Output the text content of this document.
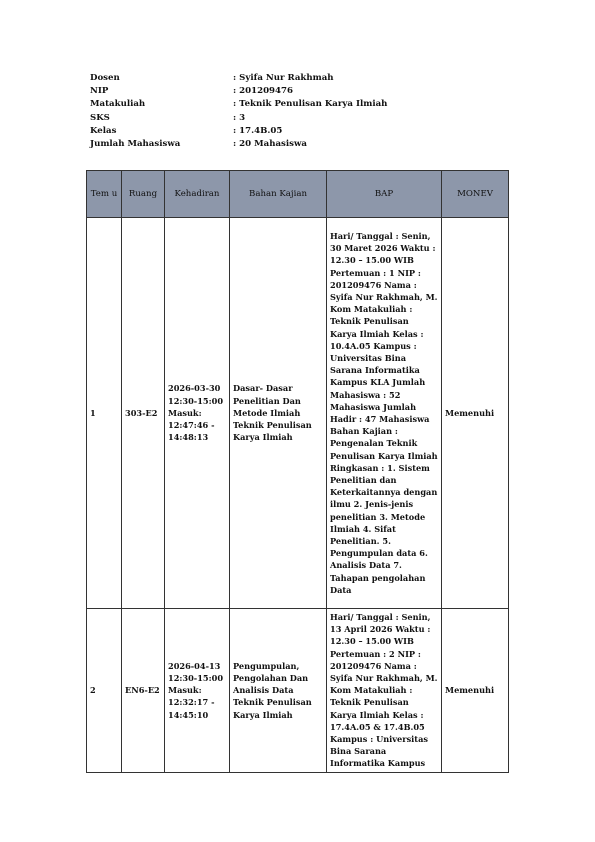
Dosen	: Syifa Nur Rakhmah
NIP	: 201209476
Matakuliah	: Teknik Penulisan Karya Ilmiah
SKS	: 3
Kelas	: 17.4B.05
Jumlah Mahasiswa	: 20 Mahasiswa
Tem u	Ruang	Kehadiran	Bahan Kajian	BAP	MONEV
1	303-E2	2026-03-30 12:30-15:00 Masuk: 12:47:46 - 14:48:13	Dasar- Dasar Penelitian Dan Metode Ilmiah Teknik Penulisan Karya Ilmiah	Hari/ Tanggal : Senin, 30 Maret 2026 Waktu : 12.30 – 15.00 WIB Pertemuan : 1 NIP : 201209476 Nama : Syifa Nur Rakhmah, M. Kom Matakuliah : Teknik Penulisan Karya Ilmiah Kelas : 10.4A.05 Kampus : Universitas Bina Sarana Informatika Kampus KLA Jumlah Mahasiswa : 52 Mahasiswa Jumlah Hadir : 47 Mahasiswa Bahan Kajian : Pengenalan Teknik Penulisan Karya Ilmiah Ringkasan : 1. Sistem Penelitian dan Keterkaitannya dengan ilmu 2. Jenis-jenis penelitian 3. Metode Ilmiah 4. Sifat Penelitian. 5. Pengumpulan data 6. Analisis Data 7. Tahapan pengolahan Data	Memenuhi
2	EN6-E2	2026-04-13 12:30-15:00 Masuk: 12:32:17 - 14:45:10	Pengumpulan, Pengolahan Dan Analisis Data Teknik Penulisan Karya Ilmiah	Hari/ Tanggal : Senin, 13 April 2026 Waktu : 12.30 – 15.00 WIB Pertemuan : 2 NIP : 201209476 Nama : Syifa Nur Rakhmah, M. Kom Matakuliah : Teknik Penulisan Karya Ilmiah Kelas : 17.4A.05 & 17.4B.05 Kampus : Universitas Bina Sarana Informatika Kampus	Memenuhi
